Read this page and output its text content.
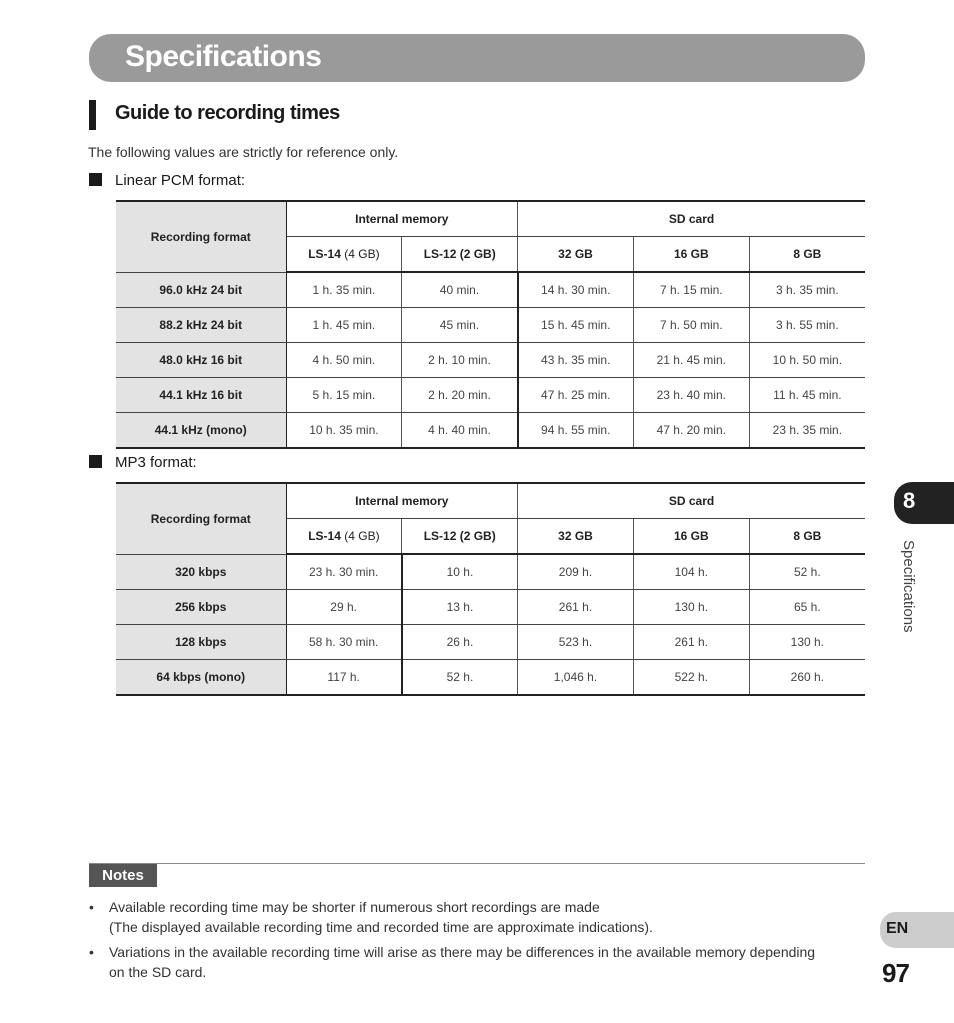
Specifications
Guide to recording times
The following values are strictly for reference only.
Linear PCM format:
Recording format	Internal memory		SD card		
	LS-14 (4 GB)	LS-12 (2 GB)	32 GB	16 GB	8 GB
96.0 kHz 24 bit	1 h. 35 min.	40 min.	14 h. 30 min.	7 h. 15 min.	3 h. 35 min.
88.2 kHz 24 bit	1 h. 45 min.	45 min.	15 h. 45 min.	7 h. 50 min.	3 h. 55 min.
48.0 kHz 16 bit	4 h. 50 min.	2 h. 10 min.	43 h. 35 min.	21 h. 45 min.	10 h. 50 min.
44.1 kHz 16 bit	5 h. 15 min.	2 h. 20 min.	47 h. 25 min.	23 h. 40 min.	11 h. 45 min.
44.1 kHz (mono)	10 h. 35 min.	4 h. 40 min.	94 h. 55 min.	47 h. 20 min.	23 h. 35 min.
MP3 format:
Recording format	Internal memory		SD card		
	LS-14 (4 GB)	LS-12 (2 GB)	32 GB	16 GB	8 GB
320 kbps	23 h. 30 min.	10 h.	209 h.	104 h.	52 h.
256 kbps	29 h.	13 h.	261 h.	130 h.	65 h.
128 kbps	58 h. 30 min.	26 h.	523 h.	261 h.	130 h.
64 kbps (mono)	117 h.	52 h.	1,046 h.	522 h.	260 h.
8
Specifications
Notes
• Available recording time may be shorter if numerous short recordings are made
(The displayed available recording time and recorded time are approximate indications).
• Variations in the available recording time will arise as there may be differences in the available memory depending on the SD card.
EN
97
